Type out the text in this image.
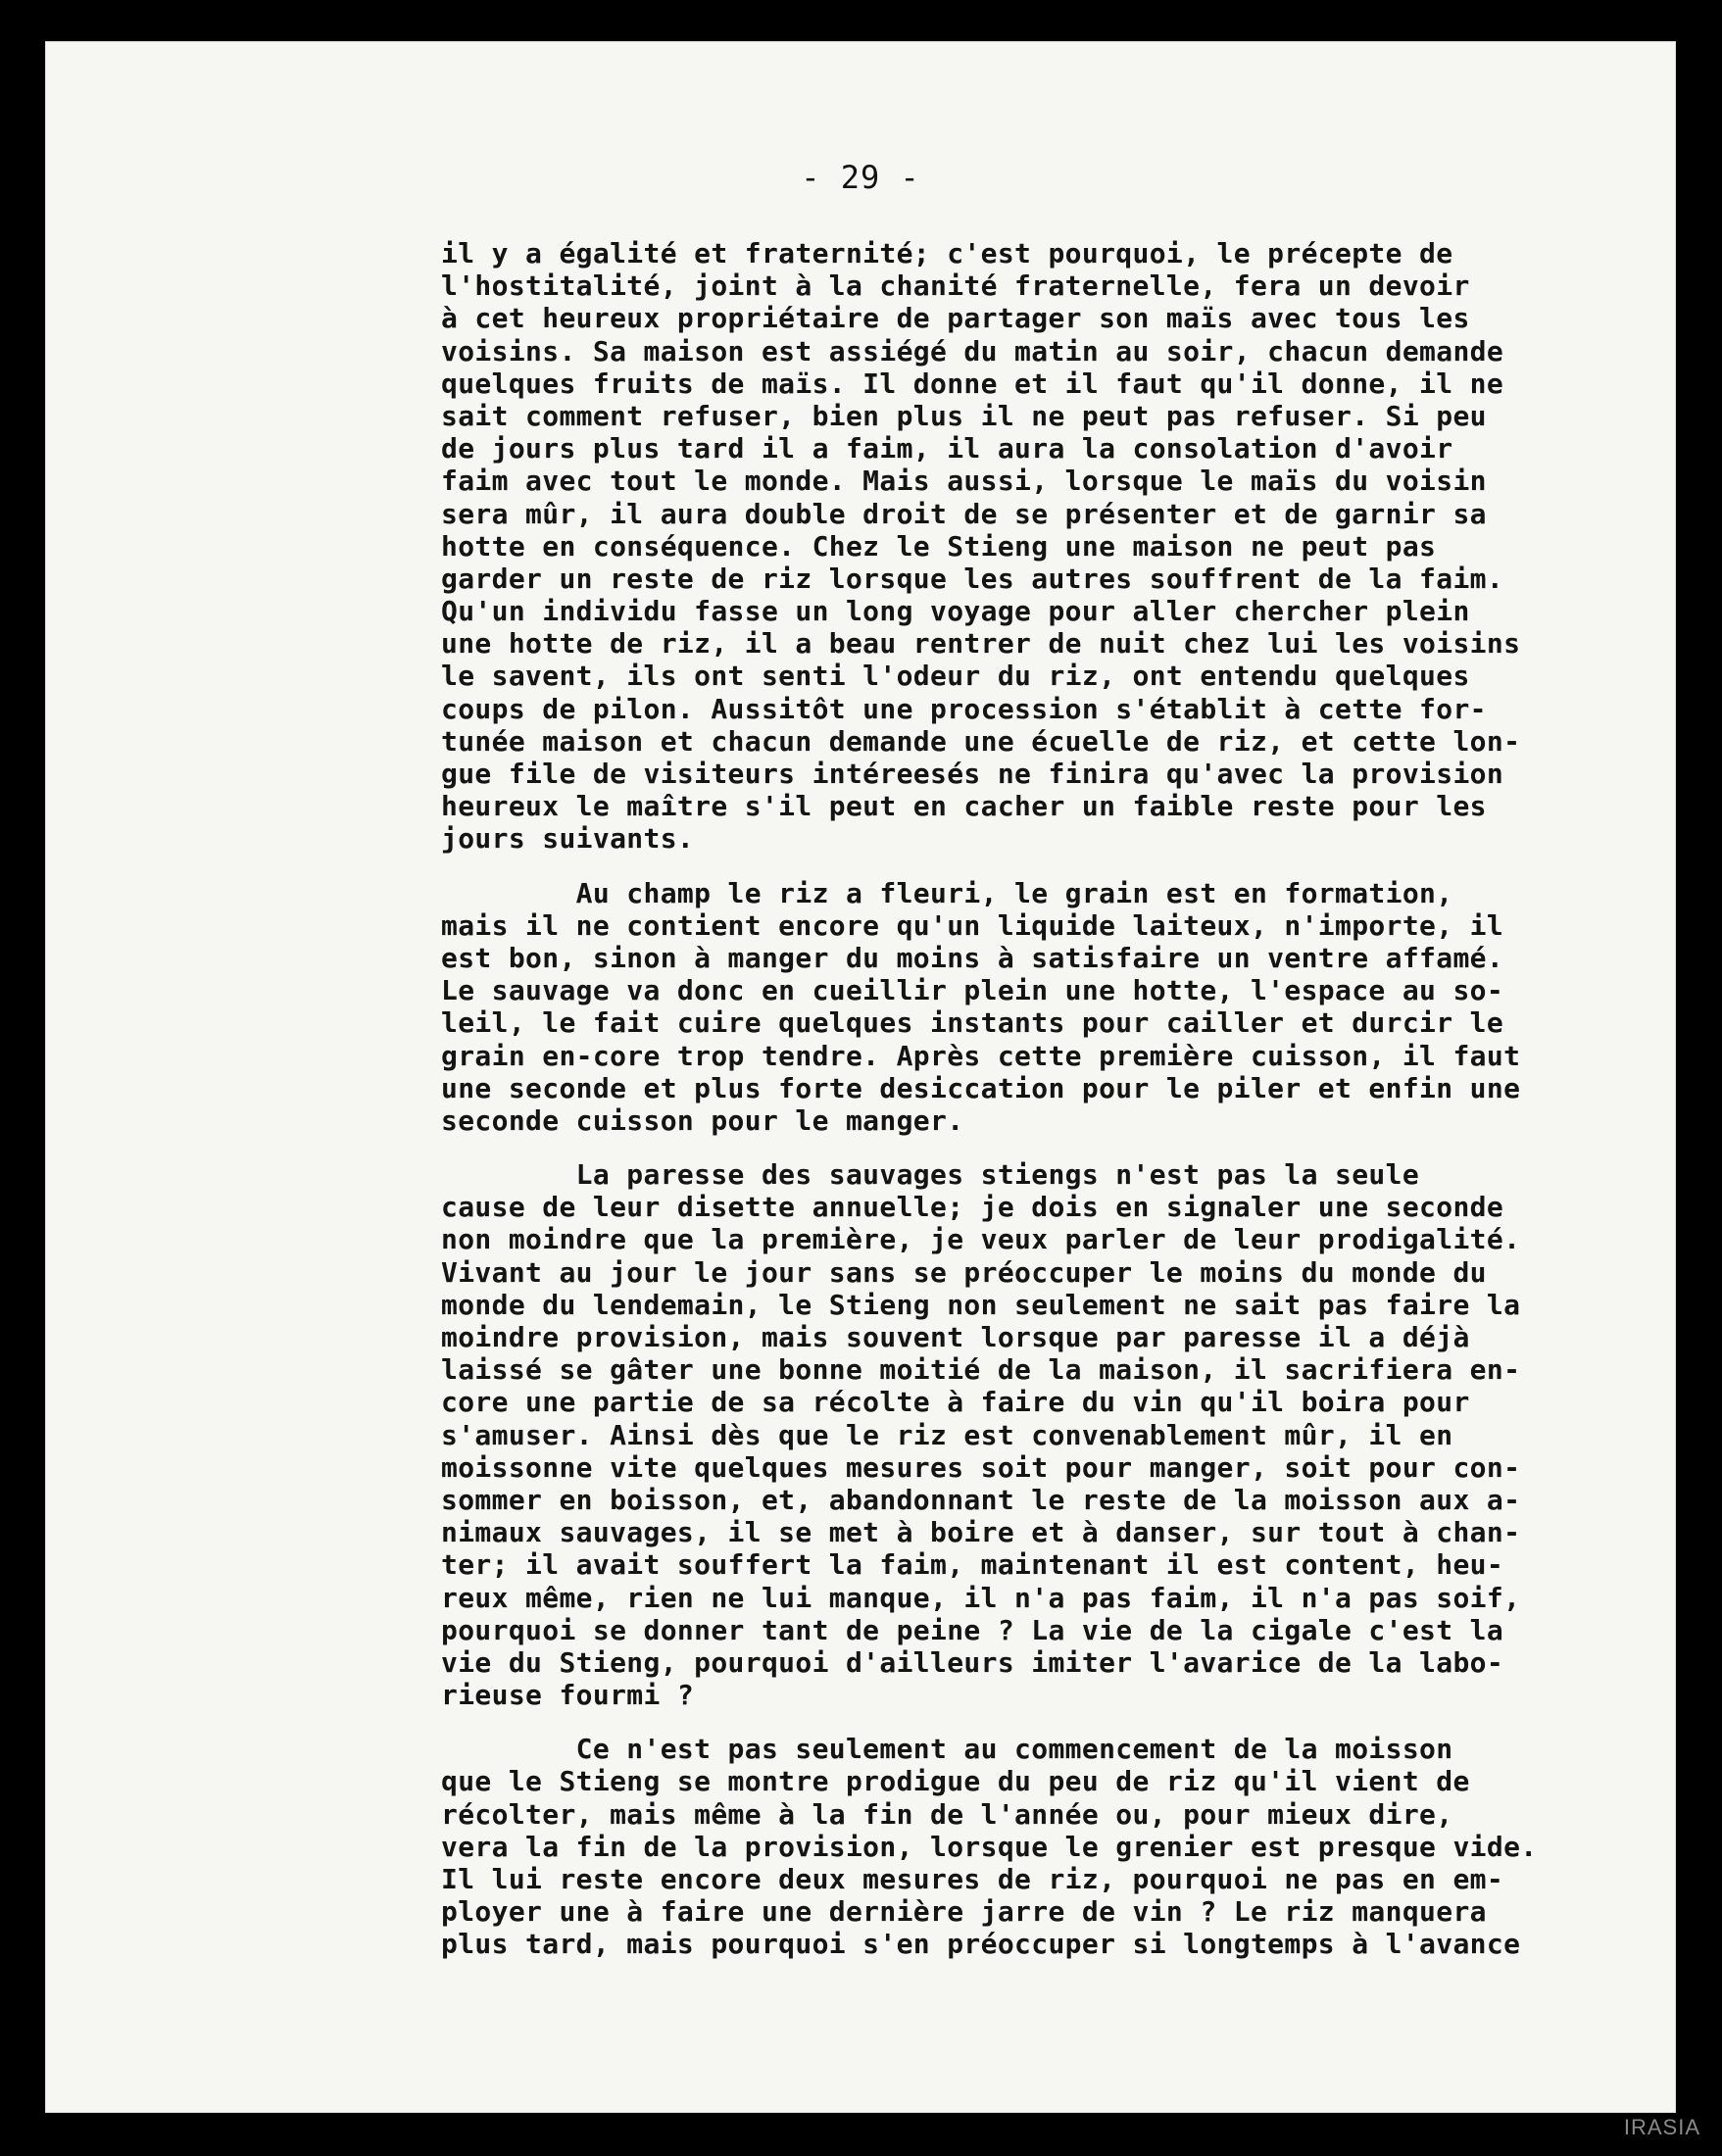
- 29 -
il y a égalité et fraternité; c'est pourquoi, le précepte de
l'hostitalité, joint à la chanité fraternelle, fera un devoir
à cet heureux propriétaire de partager son maïs avec tous les
voisins. Sa maison est assiégé du matin au soir, chacun demande
quelques fruits de maïs. Il donne et il faut qu'il donne, il ne
sait comment refuser, bien plus il ne peut pas refuser. Si peu
de jours plus tard il a faim, il aura la consolation d'avoir
faim avec tout le monde. Mais aussi, lorsque le maïs du voisin
sera mûr, il aura double droit de se présenter et de garnir sa
hotte en conséquence. Chez le Stieng une maison ne peut pas
garder un reste de riz lorsque les autres souffrent de la faim.
Qu'un individu fasse un long voyage pour aller chercher plein
une hotte de riz, il a beau rentrer de nuit chez lui les voisins
le savent, ils ont senti l'odeur du riz, ont entendu quelques
coups de pilon. Aussitôt une procession s'établit à cette for-
tunée maison et chacun demande une écuelle de riz, et cette lon-
gue file de visiteurs intéreesés ne finira qu'avec la provision
heureux le maître s'il peut en cacher un faible reste pour les
jours suivants.
Au champ le riz a fleuri, le grain est en formation,
mais il ne contient encore qu'un liquide laiteux, n'importe, il
est bon, sinon à manger du moins à satisfaire un ventre affamé.
Le sauvage va donc en cueillir plein une hotte, l'espace au so-
leil, le fait cuire quelques instants pour cailler et durcir le
grain en-core trop tendre. Après cette première cuisson, il faut
une seconde et plus forte desiccation pour le piler et enfin une
seconde cuisson pour le manger.
La paresse des sauvages stiengs n'est pas la seule
cause de leur disette annuelle; je dois en signaler une seconde
non moindre que la première, je veux parler de leur prodigalité.
Vivant au jour le jour sans se préoccuper le moins du monde du
monde du lendemain, le Stieng non seulement ne sait pas faire la
moindre provision, mais souvent lorsque par paresse il a déjà
laissé se gâter une bonne moitié de la maison, il sacrifiera en-
core une partie de sa récolte à faire du vin qu'il boira pour
s'amuser. Ainsi dès que le riz est convenablement mûr, il en
moissonne vite quelques mesures soit pour manger, soit pour con-
sommer en boisson, et, abandonnant le reste de la moisson aux a-
nimaux sauvages, il se met à boire et à danser, sur tout à chan-
ter; il avait souffert la faim, maintenant il est content, heu-
reux même, rien ne lui manque, il n'a pas faim, il n'a pas soif,
pourquoi se donner tant de peine ? La vie de la cigale c'est la
vie du Stieng, pourquoi d'ailleurs imiter l'avarice de la labo-
rieuse fourmi ?
Ce n'est pas seulement au commencement de la moisson
que le Stieng se montre prodigue du peu de riz qu'il vient de
récolter, mais même à la fin de l'année ou, pour mieux dire,
vera la fin de la provision, lorsque le grenier est presque vide.
Il lui reste encore deux mesures de riz, pourquoi ne pas en em-
ployer une à faire une dernière jarre de vin ? Le riz manquera
plus tard, mais pourquoi s'en préoccuper si longtemps à l'avance
IRASIA
